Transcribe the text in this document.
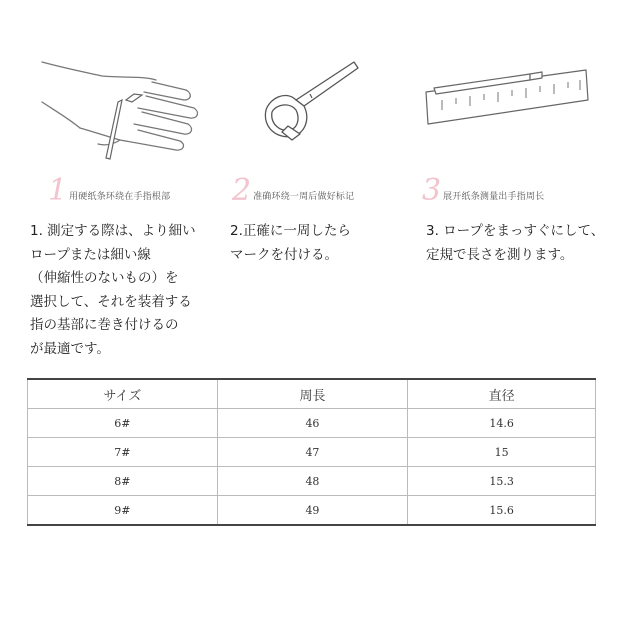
1 用硬纸条环绕在手指根部 2 准确环绕一周后做好标记 3 展开纸条测量出手指周长
1. 測定する際は、より細い
ロープまたは細い線
（伸縮性のないもの）を
選択して、それを装着する
指の基部に巻き付けるの
が最適です。
2.正確に一周したら
マークを付ける。
3. ロープをまっすぐにして、
定規で長さを測ります。
サイズ	周長	直径
6#	46	14.6
7#	47	15
8#	48	15.3
9#	49	15.6
